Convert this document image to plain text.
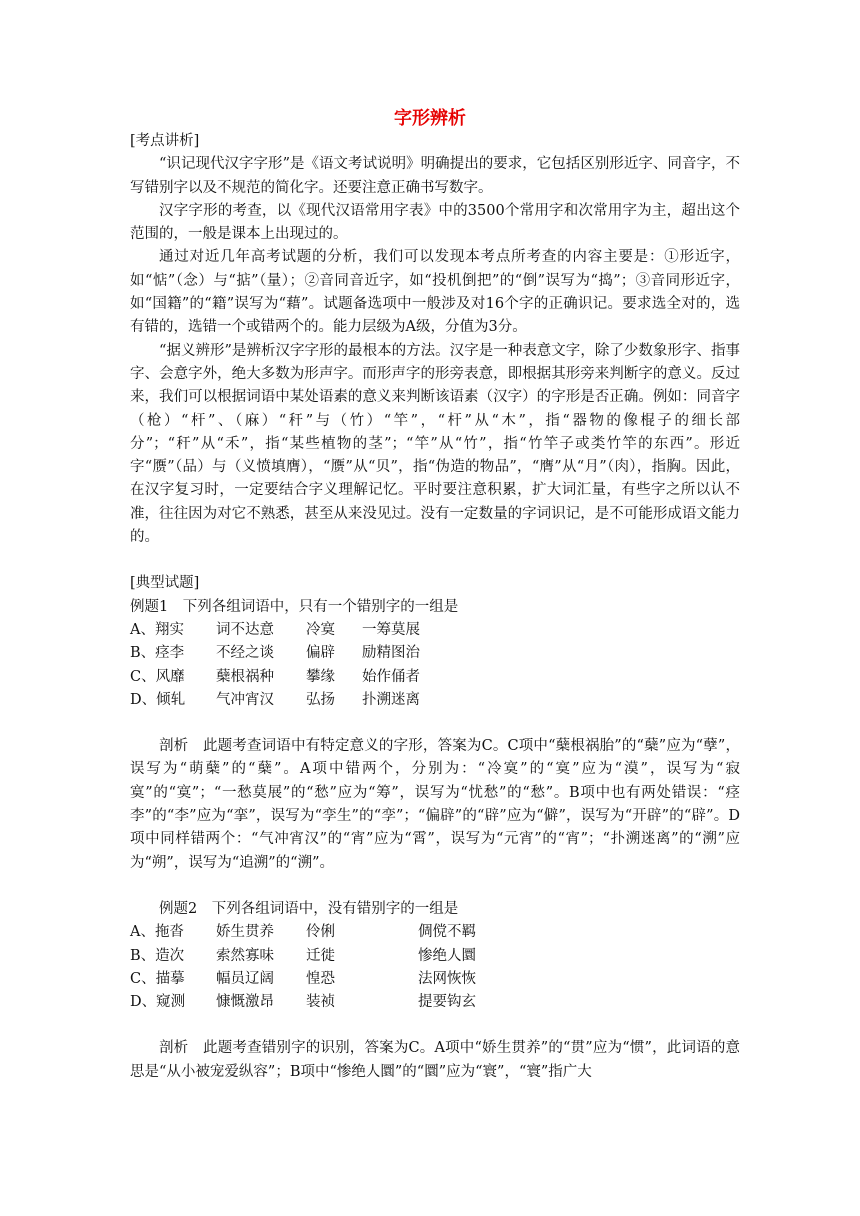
字形辨析

[考点讲析]

“识记现代汉字字形”是《语文考试说明》明确提出的要求，它包括区别形近字、同音字，不写错别字以及不规范的简化字。还要注意正确书写数字。

汉字字形的考查，以《现代汉语常用字表》中的3500个常用字和次常用字为主，超出这个范围的，一般是课本上出现过的。

通过对近几年高考试题的分析，我们可以发现本考点所考查的内容主要是：①形近字，如“惦”（念）与“掂”（量）；②音同音近字，如“投机倒把”的“倒”误写为“捣”；③音同形近字，如“国籍”的“籍”误写为“藉”。试题备选项中一般涉及对16个字的正确识记。要求选全对的，选有错的，选错一个或错两个的。能力层级为A级，分值为3分。

“据义辨形”是辨析汉字字形的最根本的方法。汉字是一种表意文字，除了少数象形字、指事字、会意字外，绝大多数为形声字。而形声字的形旁表意，即根据其形旁来判断字的意义。反过来，我们可以根据词语中某处语素的意义来判断该语素（汉字）的字形是否正确。例如：同音字（枪）“杆”、（麻）“秆”与（竹）“竿”，“杆”从“木”，指“器物的像棍子的细长部分”；“秆”从“禾”，指“某些植物的茎”；“竿”从“竹”，指“竹竿子或类竹竿的东西”。形近字“赝”（品）与（义愤填膺），“赝”从“贝”，指“伪造的物品”，“膺”从“月”（肉），指胸。因此，在汉字复习时，一定要结合字义理解记忆。平时要注意积累，扩大词汇量，有些字之所以认不准，往往因为对它不熟悉，甚至从来没见过。没有一定数量的字词识记，是不可能形成语文能力的。

[典型试题]

例题1　下列各组词语中，只有一个错别字的一组是

A、翔实	词不达意	冷寞	一筹莫展
B、痉李	不经之谈	偏辟	励精图治
C、风靡	蘖根祸种	攀缘	始作俑者
D、倾轧	气冲宵汉	弘扬	扑溯迷离

剖析　此题考查词语中有特定意义的字形，答案为C。C项中“蘖根祸胎”的“蘖”应为“孽”，误写为“萌蘖”的“蘖”。A项中错两个，分别为：“冷寞”的“寞”应为“漠”，误写为“寂寞”的“寞”；“一愁莫展”的“愁”应为“筹”，误写为“忧愁”的“愁”。B项中也有两处错误：“痉李”的“李”应为“挛”，误写为“孪生”的“孪”；“偏辟”的“辟”应为“僻”，误写为“开辟”的“辟”。D项中同样错两个：“气冲宵汉”的“宵”应为“霄”，误写为“元宵”的“宵”；“扑溯迷离”的“溯”应为“朔”，误写为“追溯”的“溯”。

例题2　下列各组词语中，没有错别字的一组是

A、拖沓	娇生贯养	伶俐	倜傥不羁
B、造次	索然寡味	迁徙	惨绝人圜
C、描摹	幅员辽阔	惶恐	法网恢恢
D、窥测	慷慨激昂	装祯	提要钩玄

剖析　此题考查错别字的识别，答案为C。A项中“娇生贯养”的“贯”应为“惯”，此词语的意思是“从小被宠爱纵容”；B项中“惨绝人圜”的“圜”应为“寰”，“寰”指广大
